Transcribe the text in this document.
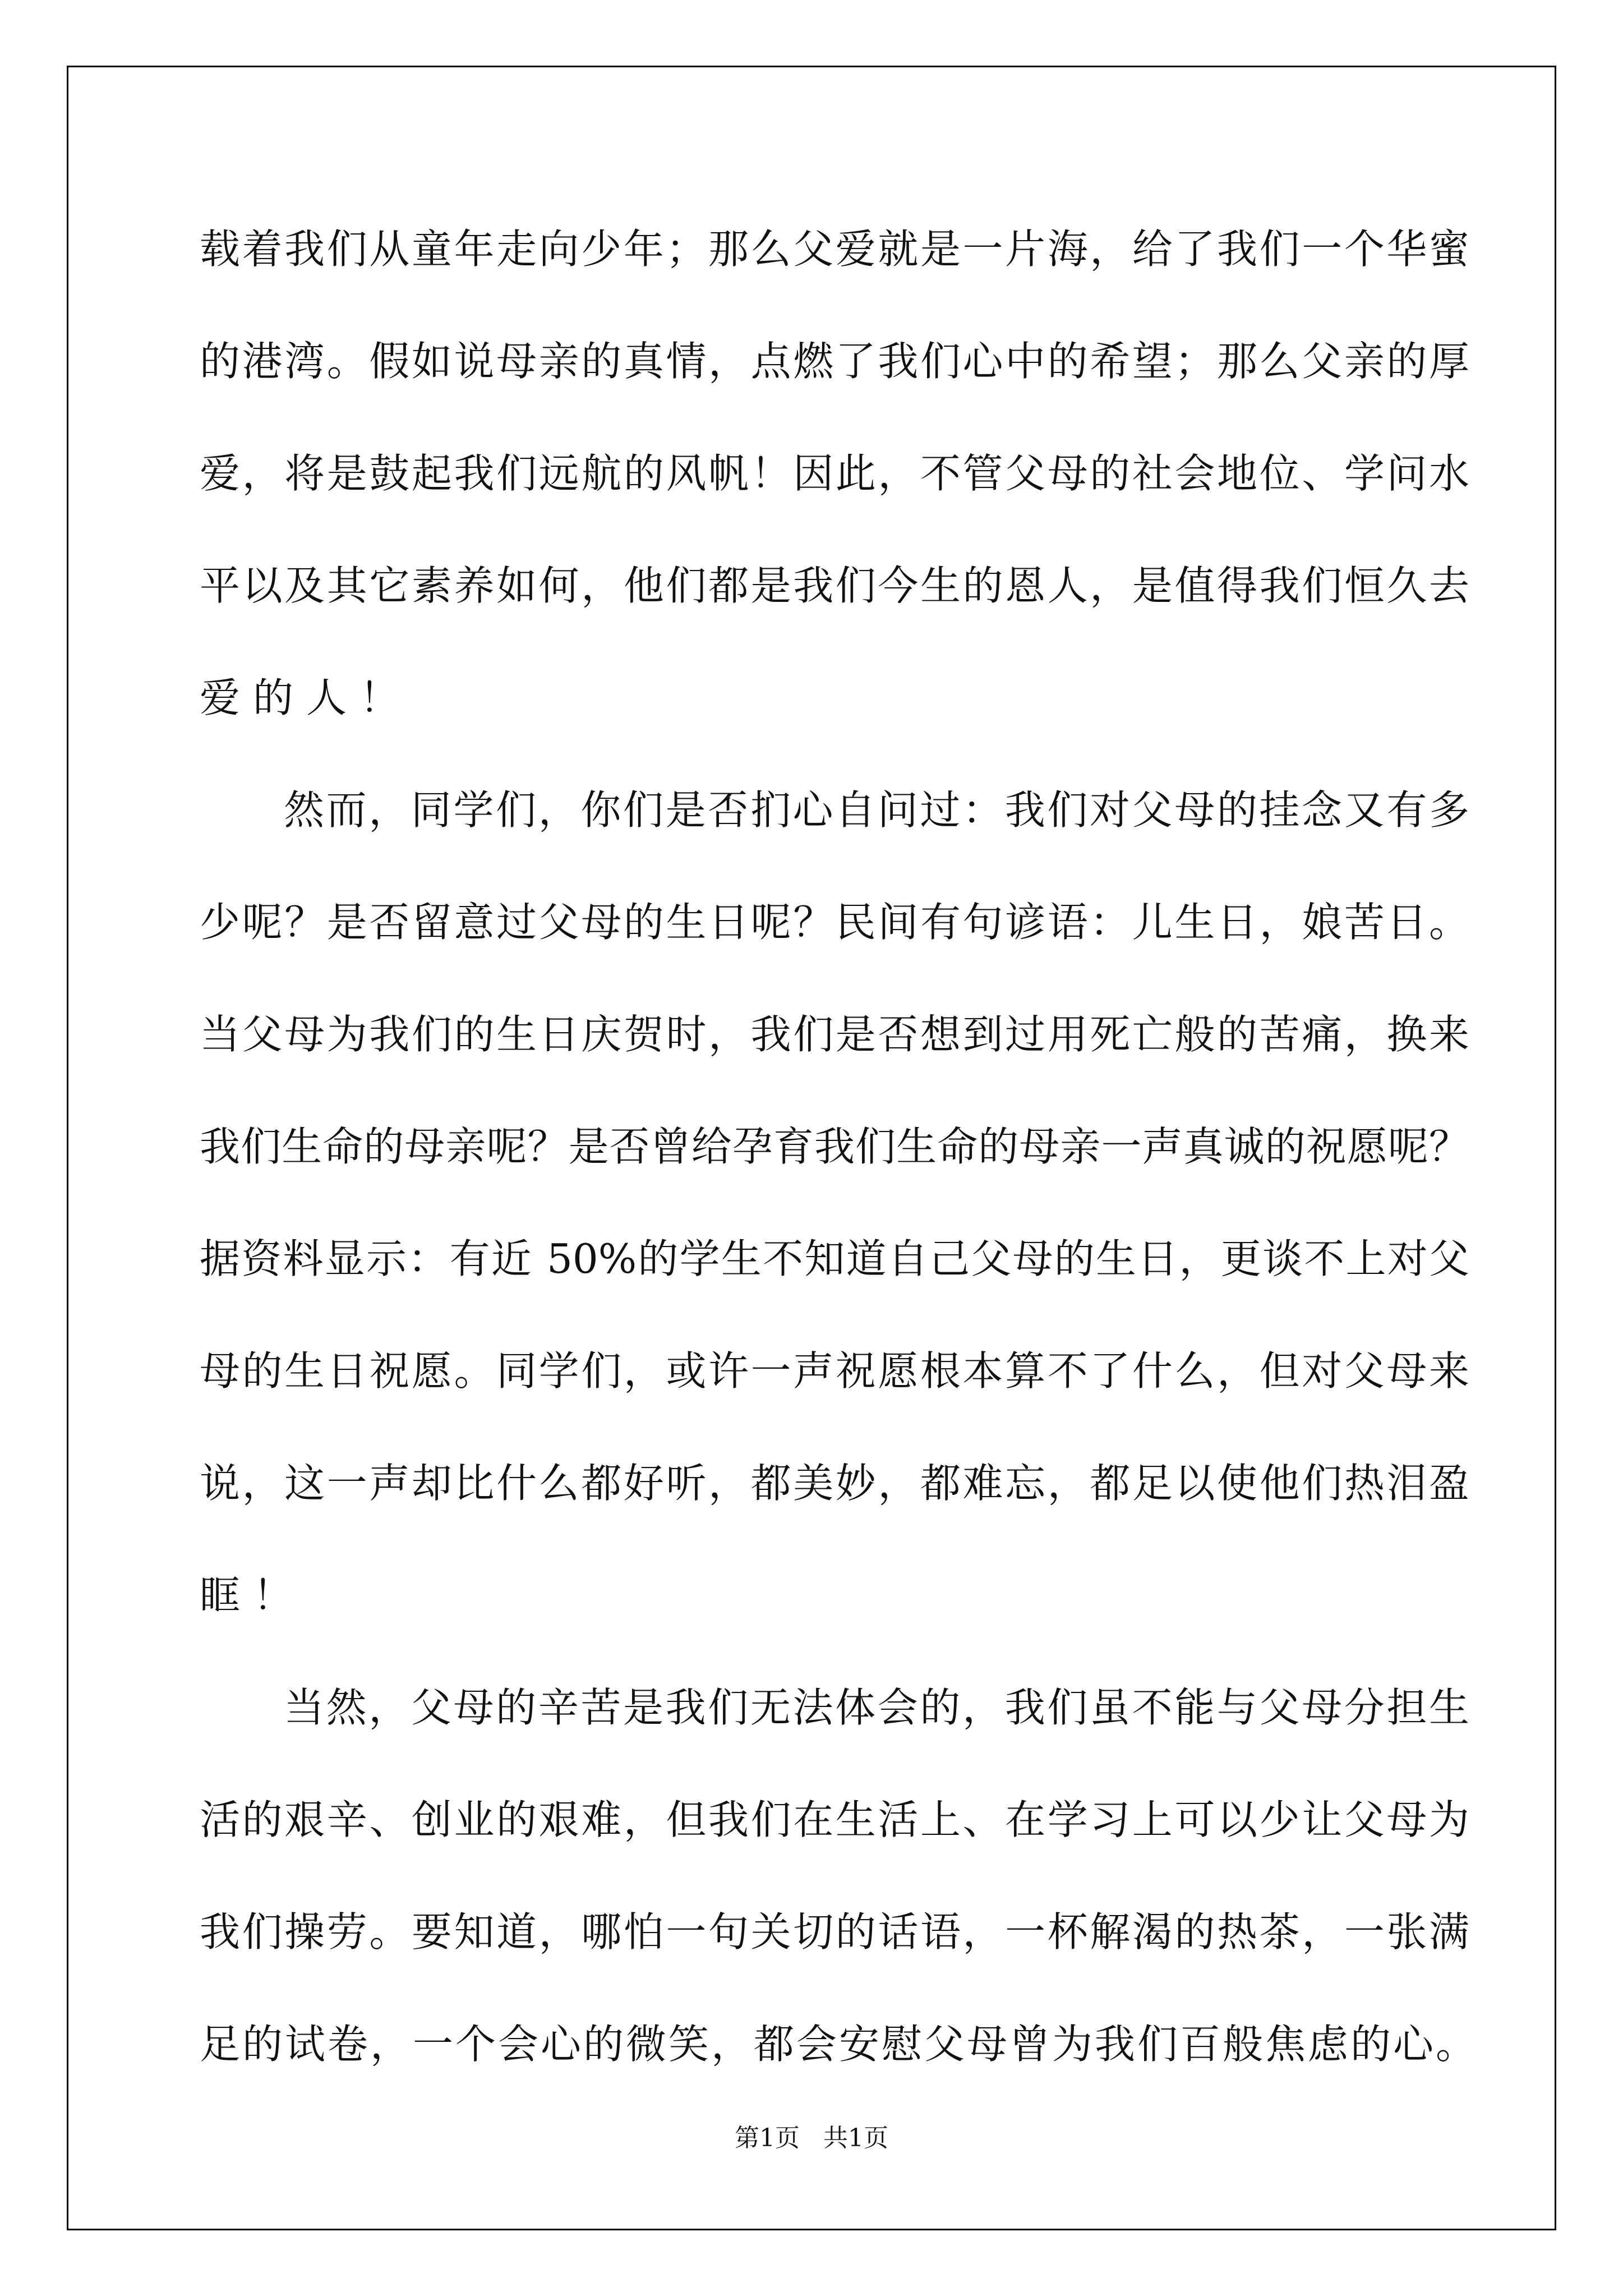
载着我们从童年走向少年；那么父爱就是一片海，给了我们一个华蜜
的港湾。假如说母亲的真情，点燃了我们心中的希望；那么父亲的厚
爱，将是鼓起我们远航的风帆！因此，不管父母的社会地位、学问水
平以及其它素养如何，他们都是我们今生的恩人，是值得我们恒久去
爱的人！
然而，同学们，你们是否扪心自问过：我们对父母的挂念又有多
少呢？是否留意过父母的生日呢？民间有句谚语：儿生日，娘苦日。
当父母为我们的生日庆贺时，我们是否想到过用死亡般的苦痛，换来
我们生命的母亲呢？是否曾给孕育我们生命的母亲一声真诚的祝愿呢？
据资料显示：有近 50%的学生不知道自己父母的生日，更谈不上对父
母的生日祝愿。同学们，或许一声祝愿根本算不了什么，但对父母来
说，这一声却比什么都好听，都美妙，都难忘，都足以使他们热泪盈
眶！
当然，父母的辛苦是我们无法体会的，我们虽不能与父母分担生
活的艰辛、创业的艰难，但我们在生活上、在学习上可以少让父母为
我们操劳。要知道，哪怕一句关切的话语，一杯解渴的热茶，一张满
足的试卷，一个会心的微笑，都会安慰父母曾为我们百般焦虑的心。
第1页   共1页
